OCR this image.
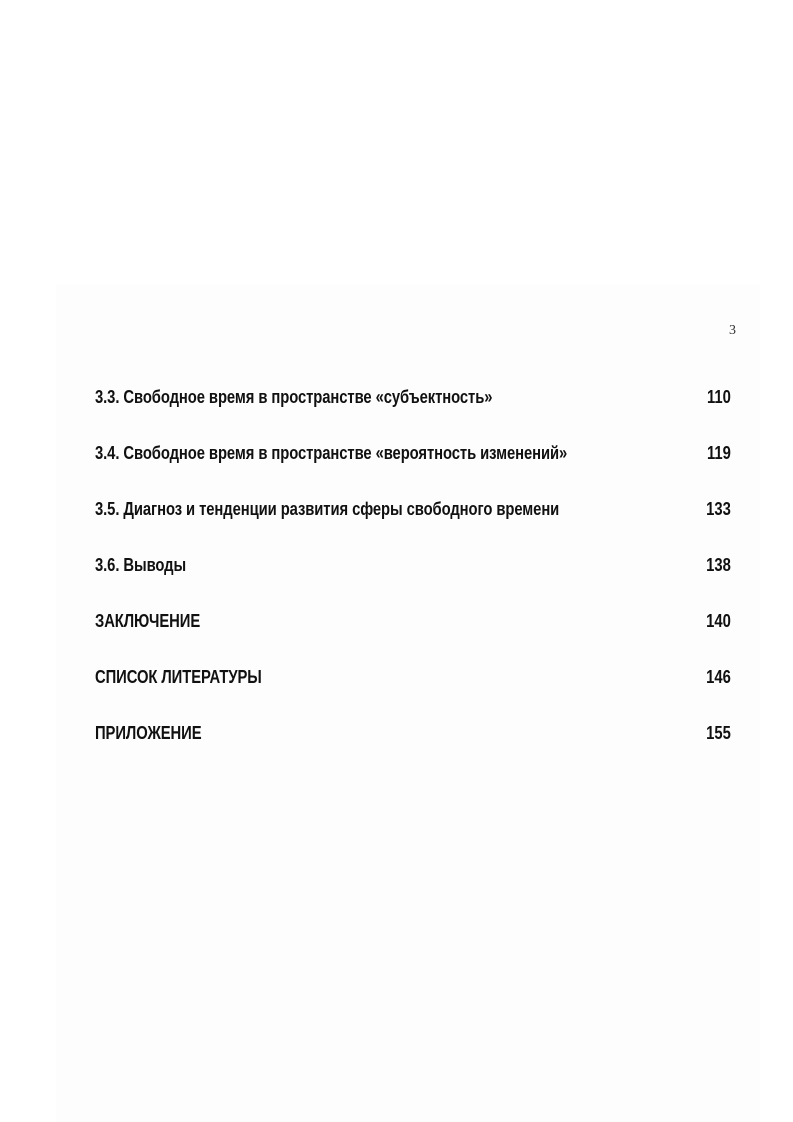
3
3.3. Свободное время в пространстве «субъектность»	110
3.4. Свободное время в пространстве «вероятность изменений»	119
3.5. Диагноз и тенденции развития сферы свободного времени	133
3.6. Выводы	138
ЗАКЛЮЧЕНИЕ	140
СПИСОК ЛИТЕРАТУРЫ	146
ПРИЛОЖЕНИЕ	155
